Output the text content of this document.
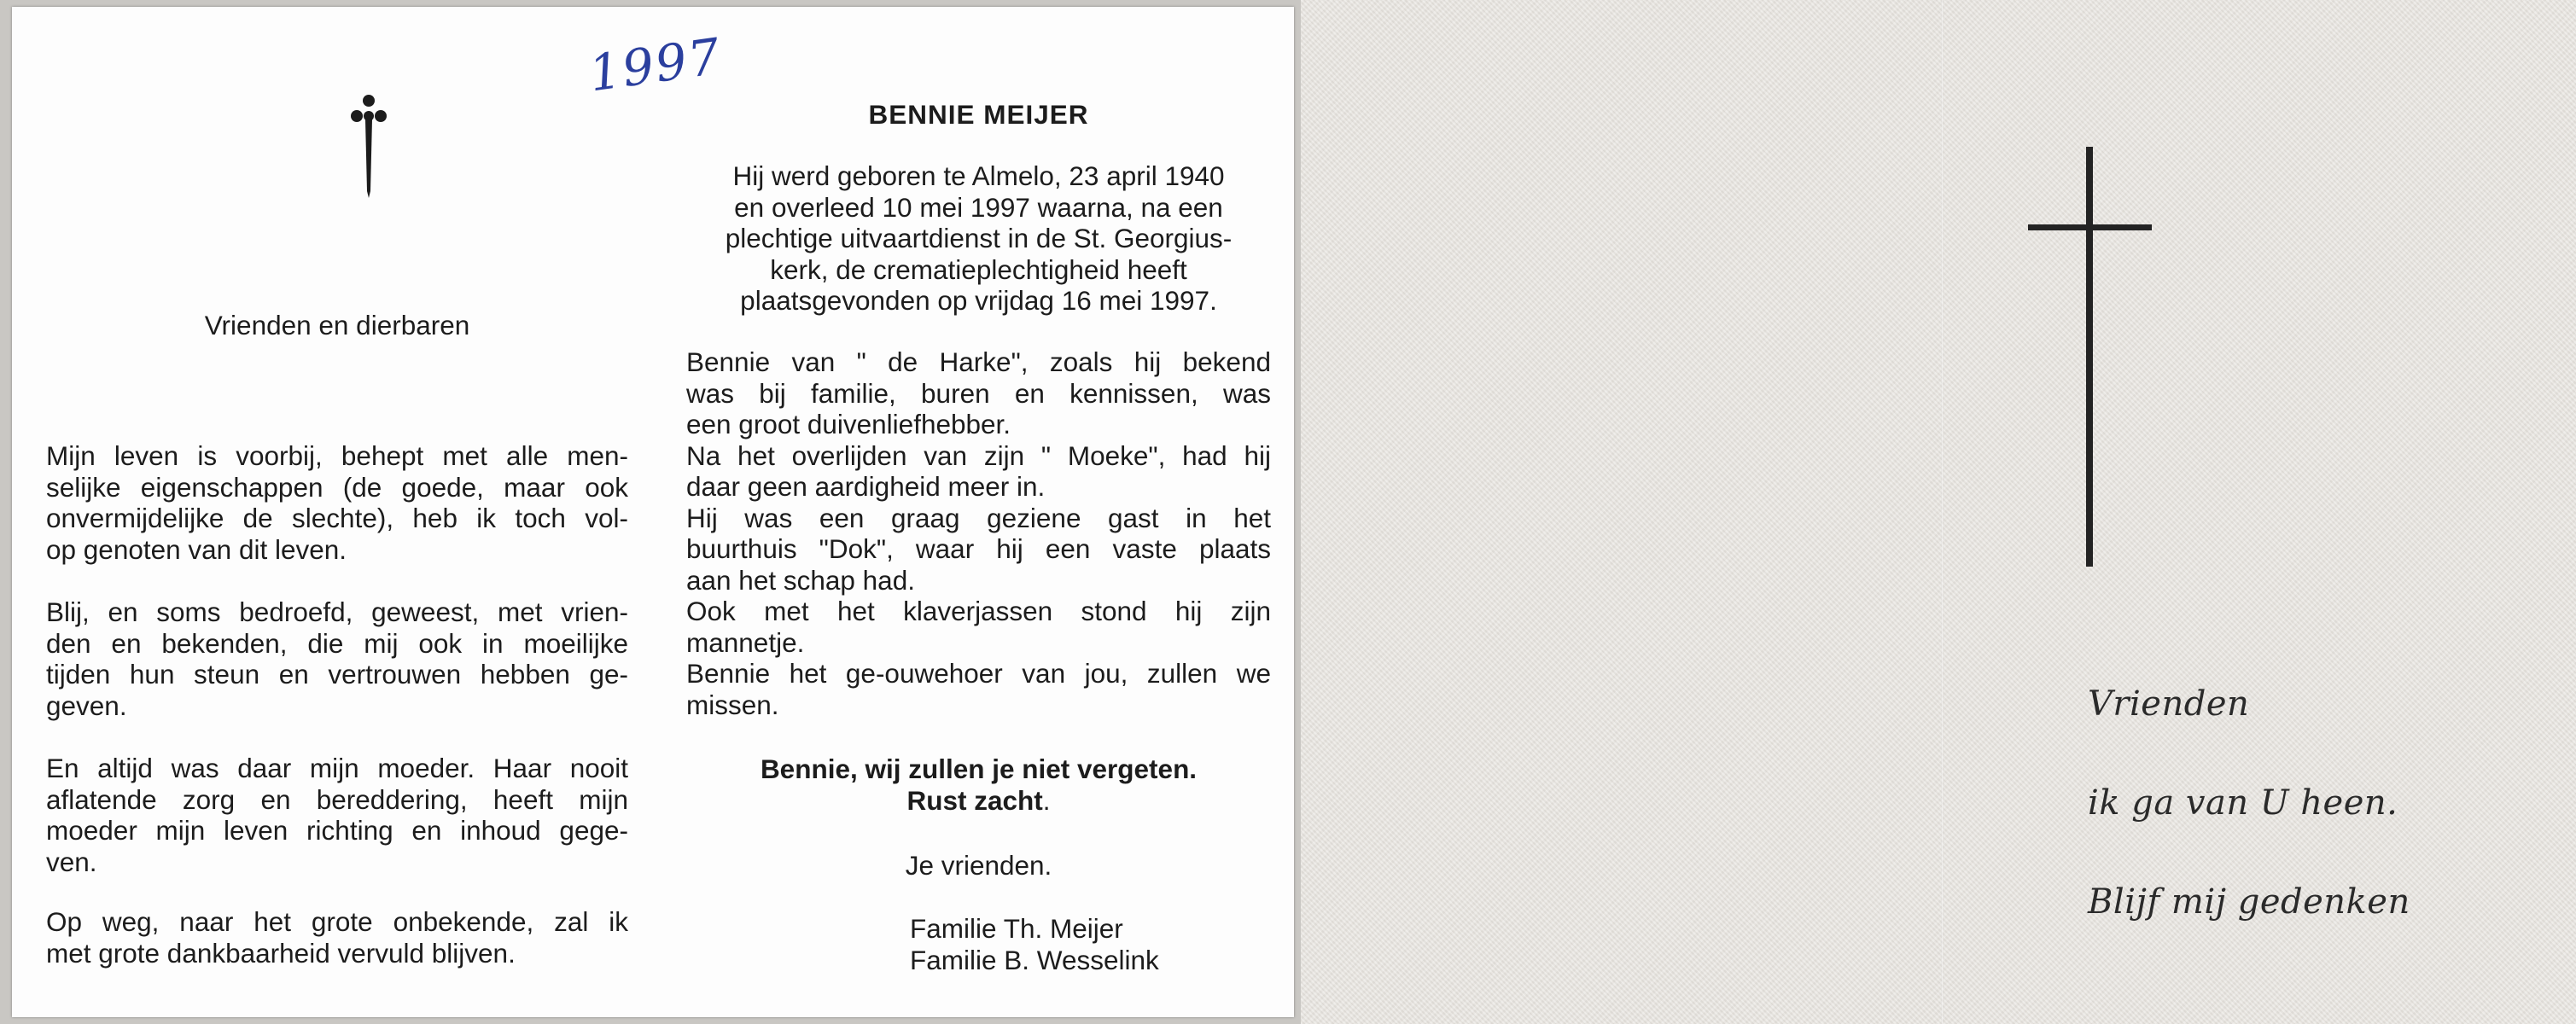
1997
Vrienden en dierbaren
Mijn leven is voorbij, behept met alle men-
selijke eigenschappen (de goede, maar ook
onvermijdelijke de slechte), heb ik toch vol-
op genoten van dit leven.
Blij, en soms bedroefd, geweest, met vrien-
den en bekenden, die mij ook in moeilijke
tijden hun steun en vertrouwen hebben ge-
geven.
En altijd was daar mijn moeder. Haar nooit
aflatende zorg en bereddering, heeft mijn
moeder mijn leven richting en inhoud gege-
ven.
Op weg, naar het grote onbekende, zal ik
met grote dankbaarheid vervuld blijven.
BENNIE MEIJER
Hij werd geboren te Almelo, 23 april 1940
en overleed 10 mei 1997 waarna, na een
plechtige uitvaartdienst in de St. Georgius-
kerk, de crematieplechtigheid heeft
plaatsgevonden op vrijdag 16 mei 1997.
Bennie van " de Harke", zoals hij bekend
was bij familie, buren en kennissen, was
een groot duivenliefhebber.
Na het overlijden van zijn " Moeke", had hij
daar geen aardigheid meer in.
Hij was een graag geziene gast in het
buurthuis "Dok", waar hij een vaste plaats
aan het schap had.
Ook met het klaverjassen stond hij zijn
mannetje.
Bennie het ge-ouwehoer van jou, zullen we
missen.
Bennie, wij zullen je niet vergeten.
Rust zacht.
Je vrienden.
Familie Th. Meijer
Familie B. Wesselink
Vrienden
ik ga van U heen.
Blijf mij gedenken
